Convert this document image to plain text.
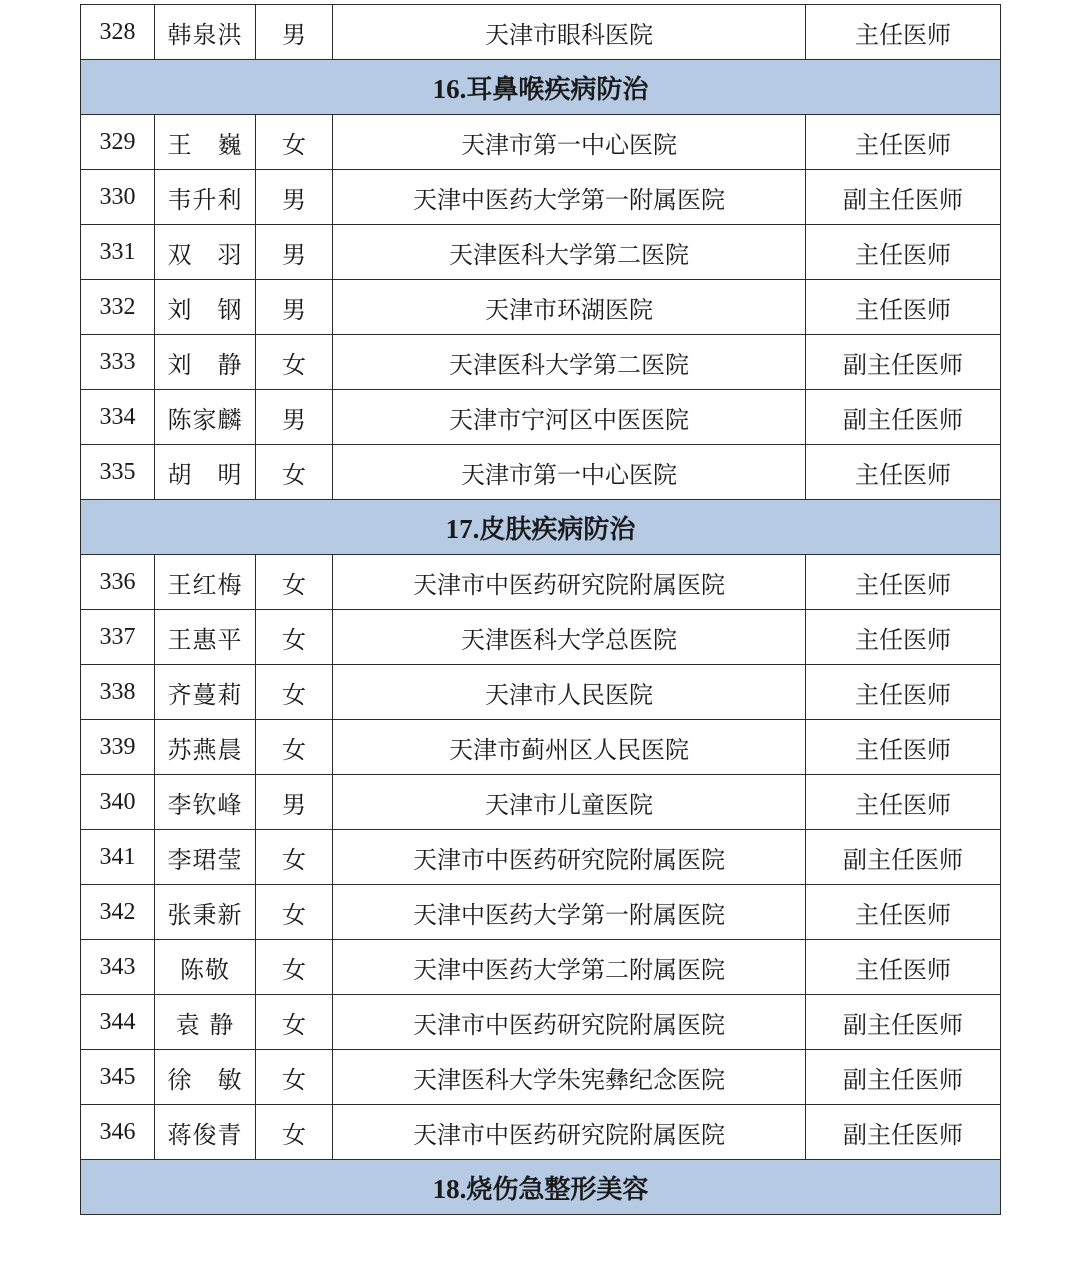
328	韩泉洪	男	天津市眼科医院	主任医师
16.耳鼻喉疾病防治				
329	王　巍	女	天津市第一中心医院	主任医师
330	韦升利	男	天津中医药大学第一附属医院	副主任医师
331	双　羽	男	天津医科大学第二医院	主任医师
332	刘　钢	男	天津市环湖医院	主任医师
333	刘　静	女	天津医科大学第二医院	副主任医师
334	陈家麟	男	天津市宁河区中医医院	副主任医师
335	胡　明	女	天津市第一中心医院	主任医师
17.皮肤疾病防治				
336	王红梅	女	天津市中医药研究院附属医院	主任医师
337	王惠平	女	天津医科大学总医院	主任医师
338	齐蔓莉	女	天津市人民医院	主任医师
339	苏燕晨	女	天津市蓟州区人民医院	主任医师
340	李钦峰	男	天津市儿童医院	主任医师
341	李珺莹	女	天津市中医药研究院附属医院	副主任医师
342	张秉新	女	天津中医药大学第一附属医院	主任医师
343	陈敬	女	天津中医药大学第二附属医院	主任医师
344	袁 静	女	天津市中医药研究院附属医院	副主任医师
345	徐　敏	女	天津医科大学朱宪彝纪念医院	副主任医师
346	蒋俊青	女	天津市中医药研究院附属医院	副主任医师
18.烧伤急整形美容				
